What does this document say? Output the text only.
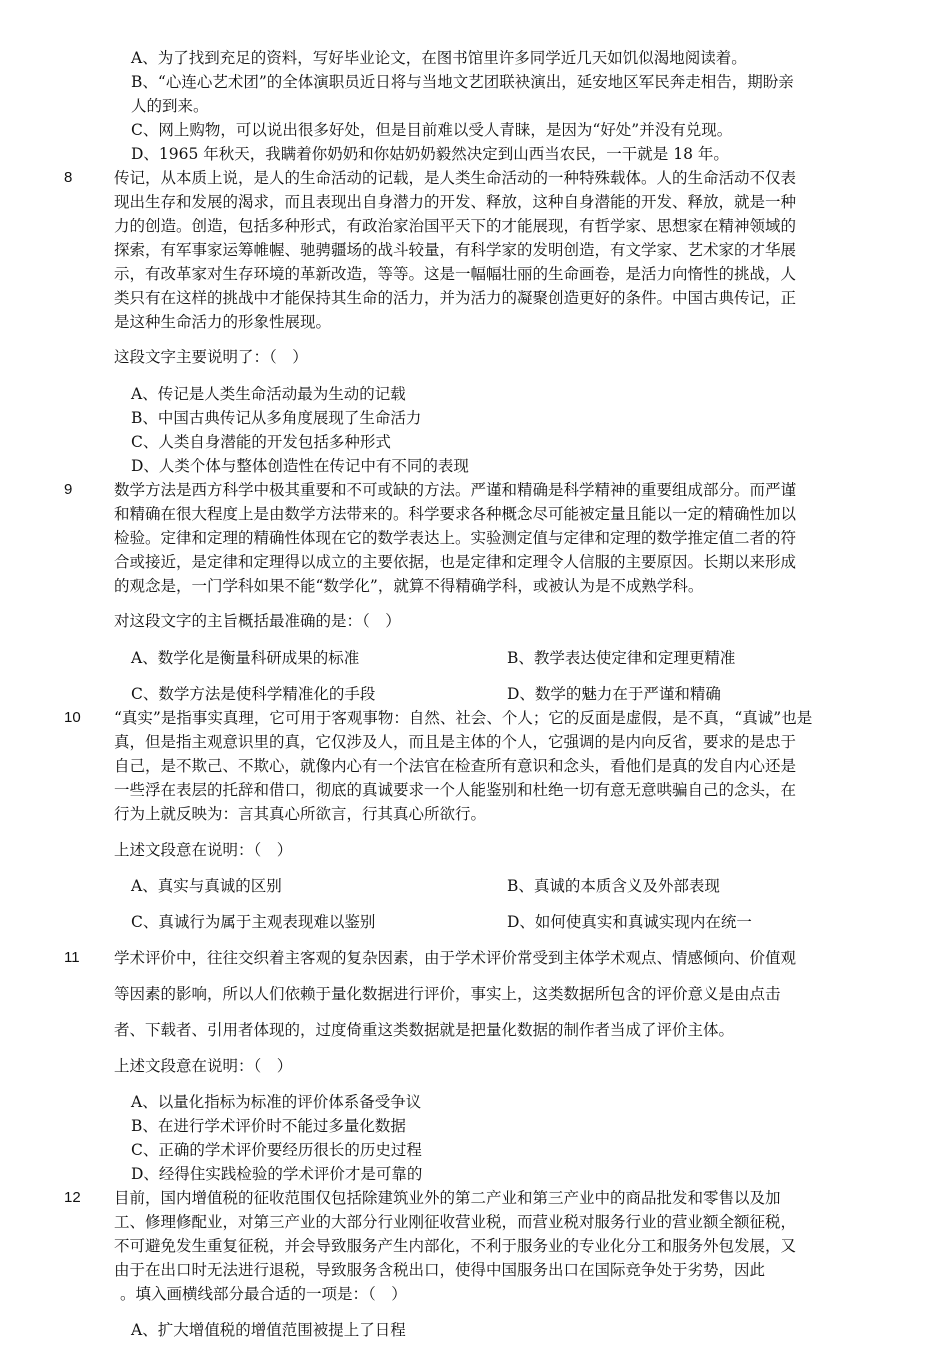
A、为了找到充足的资料，写好毕业论文，在图书馆里许多同学近几天如饥似渴地阅读着。
B、“心连心艺术团”的全体演职员近日将与当地文艺团联袂演出，延安地区军民奔走相告，期盼亲
人的到来。
C、网上购物，可以说出很多好处，但是目前难以受人青睐，是因为“好处”并没有兑现。
D、1965 年秋天，我瞒着你奶奶和你姑奶奶毅然决定到山西当农民，一干就是 18 年。
8	传记，从本质上说，是人的生命活动的记载，是人类生命活动的一种特殊载体。人的生命活动不仅表
现出生存和发展的渴求，而且表现出自身潜力的开发、释放，这种自身潜能的开发、释放，就是一种
力的创造。创造，包括多种形式，有政治家治国平天下的才能展现，有哲学家、思想家在精神领域的
探索，有军事家运筹帷幄、驰骋疆场的战斗较量，有科学家的发明创造，有文学家、艺术家的才华展
示，有改革家对生存环境的革新改造，等等。这是一幅幅壮丽的生命画卷，是活力向惰性的挑战，人
类只有在这样的挑战中才能保持其生命的活力，并为活力的凝聚创造更好的条件。中国古典传记，正
是这种生命活力的形象性展现。
这段文字主要说明了：（　）
A、传记是人类生命活动最为生动的记载
B、中国古典传记从多角度展现了生命活力
C、人类自身潜能的开发包括多种形式
D、人类个体与整体创造性在传记中有不同的表现
9	数学方法是西方科学中极其重要和不可或缺的方法。严谨和精确是科学精神的重要组成部分。而严谨
和精确在很大程度上是由数学方法带来的。科学要求各种概念尽可能被定量且能以一定的精确性加以
检验。定律和定理的精确性体现在它的数学表达上。实验测定值与定律和定理的数学推定值二者的符
合或接近，是定律和定理得以成立的主要依据，也是定律和定理令人信服的主要原因。长期以来形成
的观念是，一门学科如果不能“数学化”，就算不得精确学科，或被认为是不成熟学科。
对这段文字的主旨概括最准确的是：（　）
A、数学化是衡量科研成果的标准	B、教学表达使定律和定理更精准
C、数学方法是使科学精准化的手段	D、数学的魅力在于严谨和精确
10 “真实”是指事实真理，它可用于客观事物：自然、社会、个人；它的反面是虚假，是不真，“真诚”也是
真，但是指主观意识里的真，它仅涉及人，而且是主体的个人，它强调的是内向反省，要求的是忠于
自己，是不欺己、不欺心，就像内心有一个法官在检查所有意识和念头，看他们是真的发自内心还是
一些浮在表层的托辞和借口，彻底的真诚要求一个人能鉴别和杜绝一切有意无意哄骗自己的念头，在
行为上就反映为：言其真心所欲言，行其真心所欲行。
上述文段意在说明：（　）
A、真实与真诚的区别	B、真诚的本质含义及外部表现
C、真诚行为属于主观表现难以鉴别	D、如何使真实和真诚实现内在统一
11 学术评价中，往往交织着主客观的复杂因素，由于学术评价常受到主体学术观点、情感倾向、价值观
等因素的影响，所以人们依赖于量化数据进行评价，事实上，这类数据所包含的评价意义是由点击
者、下载者、引用者体现的，过度倚重这类数据就是把量化数据的制作者当成了评价主体。
上述文段意在说明：（　）
A、以量化指标为标准的评价体系备受争议
B、在进行学术评价时不能过多量化数据
C、正确的学术评价要经历很长的历史过程
D、经得住实践检验的学术评价才是可靠的
12 目前，国内增值税的征收范围仅包括除建筑业外的第二产业和第三产业中的商品批发和零售以及加
工、修理修配业，对第三产业的大部分行业刚征收营业税，而营业税对服务行业的营业额全额征税，
不可避免发生重复征税，并会导致服务产生内部化，不利于服务业的专业化分工和服务外包发展，又
由于在出口时无法进行退税，导致服务含税出口，使得中国服务出口在国际竞争处于劣势，因此
。填入画横线部分最合适的一项是：（　）
A、扩大增值税的增值范围被提上了日程
